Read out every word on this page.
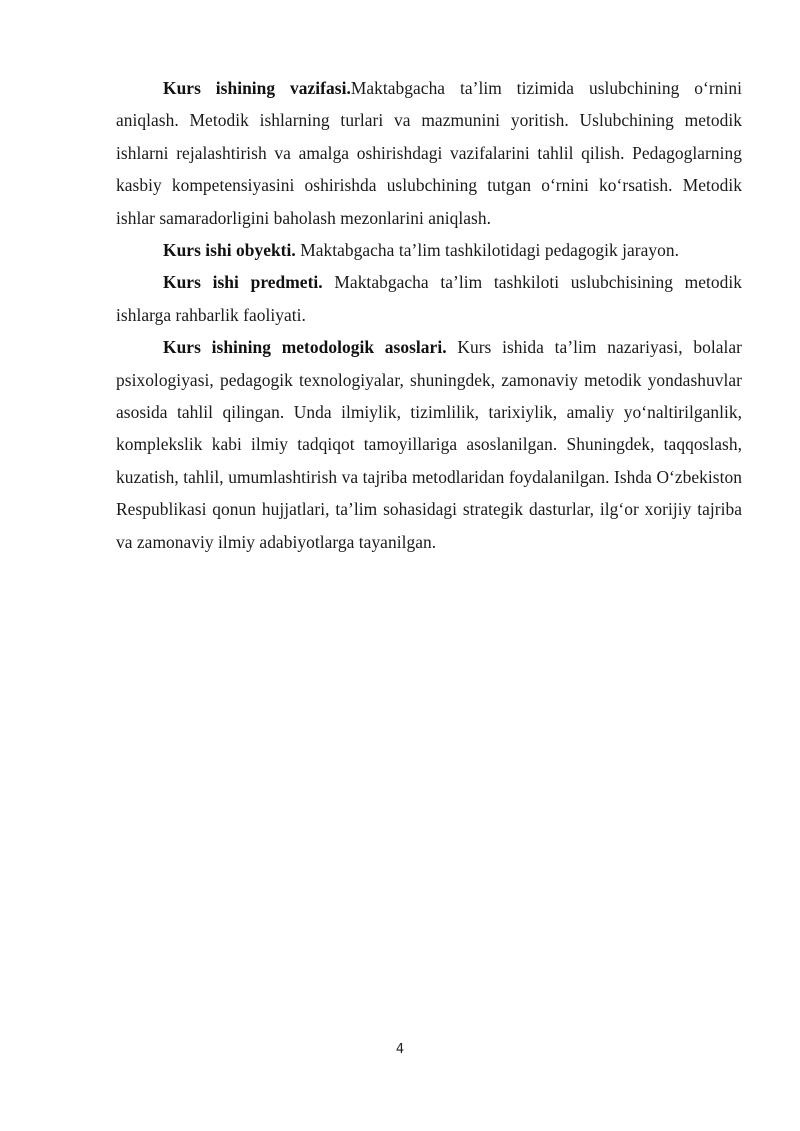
Kurs ishining vazifasi.Maktabgacha ta’lim tizimida uslubchining o‘rnini aniqlash. Metodik ishlarning turlari va mazmunini yoritish. Uslubchining metodik ishlarni rejalashtirish va amalga oshirishdagi vazifalarini tahlil qilish. Pedagoglarning kasbiy kompetensiyasini oshirishda uslubchining tutgan o‘rnini ko‘rsatish. Metodik ishlar samaradorligini baholash mezonlarini aniqlash.

Kurs ishi obyekti. Maktabgacha ta’lim tashkilotidagi pedagogik jarayon.

Kurs ishi predmeti. Maktabgacha ta’lim tashkiloti uslubchisining metodik ishlarga rahbarlik faoliyati.

Kurs ishining metodologik asoslari. Kurs ishida ta’lim nazariyasi, bolalar psixologiyasi, pedagogik texnologiyalar, shuningdek, zamonaviy metodik yondashuvlar asosida tahlil qilingan. Unda ilmiylik, tizimlilik, tarixiylik, amaliy yo‘naltirilganlik, komplekslik kabi ilmiy tadqiqot tamoyillariga asoslanilgan. Shuningdek, taqqoslash, kuzatish, tahlil, umumlashtirish va tajriba metodlaridan foydalanilgan. Ishda O‘zbekiston Respublikasi qonun hujjatlari, ta’lim sohasidagi strategik dasturlar, ilg‘or xorijiy tajriba va zamonaviy ilmiy adabiyotlarga tayanilgan.

4
